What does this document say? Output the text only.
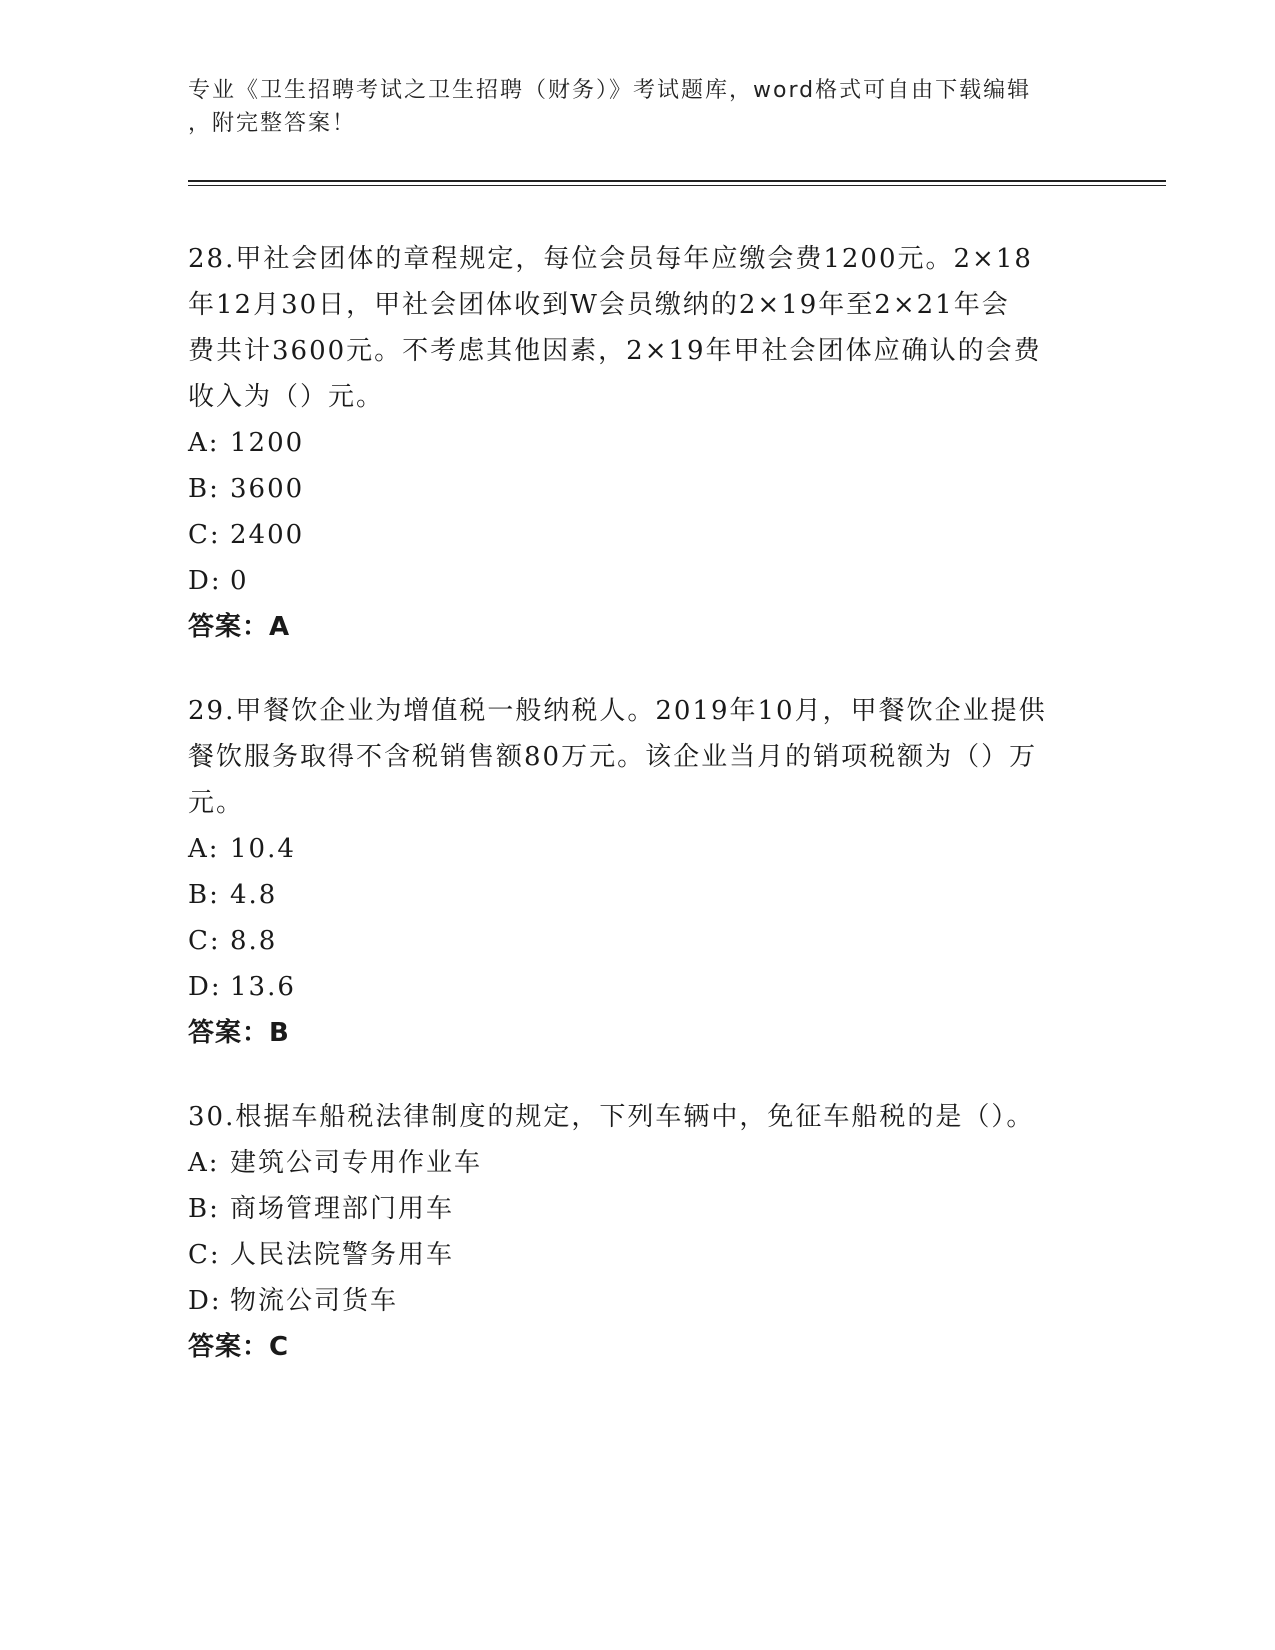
专业《卫生招聘考试之卫生招聘（财务）》考试题库，word格式可自由下载编辑
，附完整答案！
28.甲社会团体的章程规定，每位会员每年应缴会费1200元。2×18
年12月30日，甲社会团体收到W会员缴纳的2×19年至2×21年会
费共计3600元。不考虑其他因素，2×19年甲社会团体应确认的会费
收入为（）元。
A: 1200
B: 3600
C: 2400
D: 0
答案：A
29.甲餐饮企业为增值税一般纳税人。2019年10月，甲餐饮企业提供
餐饮服务取得不含税销售额80万元。该企业当月的销项税额为（）万
元。
A: 10.4
B: 4.8
C: 8.8
D: 13.6
答案：B
30.根据车船税法律制度的规定，下列车辆中，免征车船税的是（）。
A: 建筑公司专用作业车
B: 商场管理部门用车
C: 人民法院警务用车
D: 物流公司货车
答案：C
